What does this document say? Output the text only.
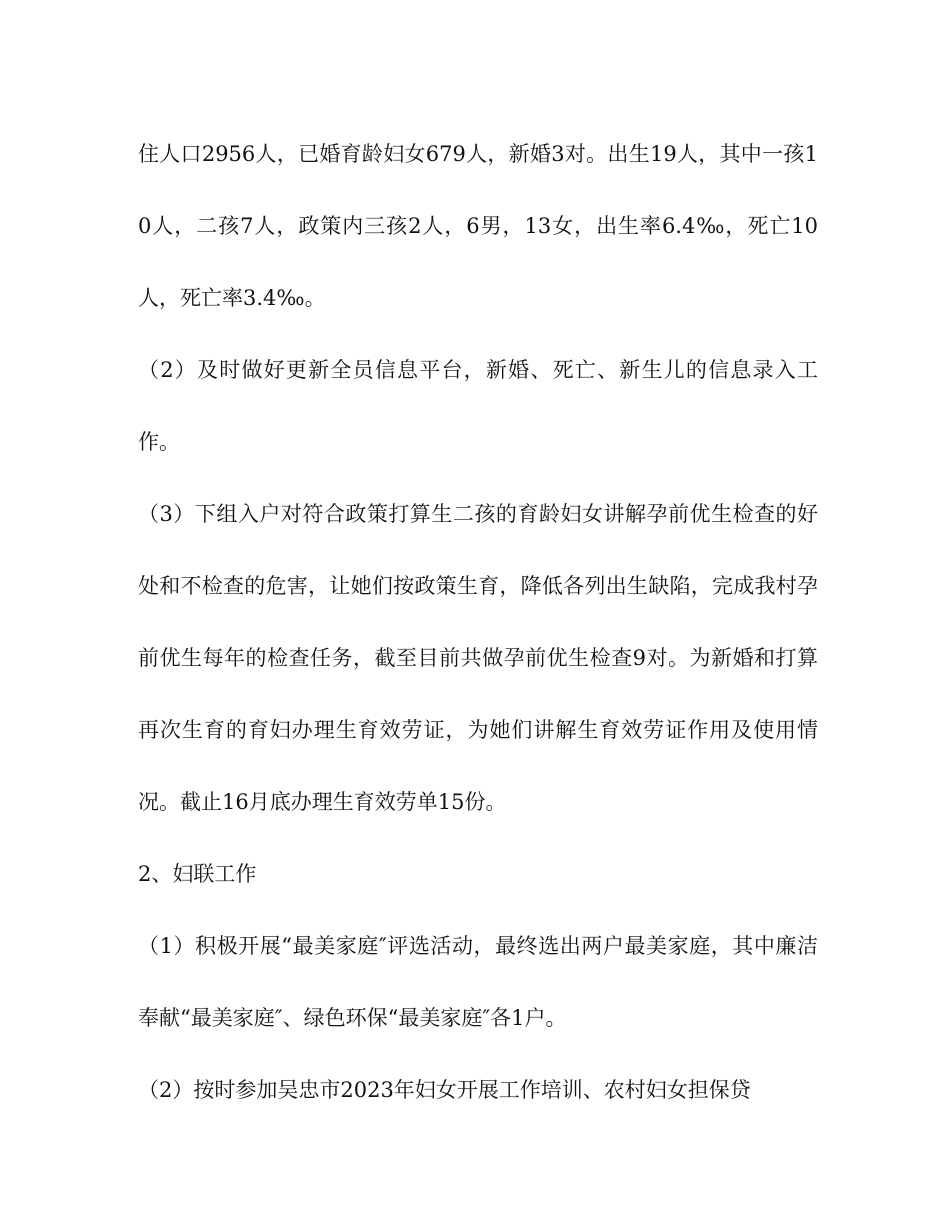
住人口2956人，已婚育龄妇女679人，新婚3对。出生19人，其中一孩10人，二孩7人，政策内三孩2人，6男，13女，出生率6.4‰，死亡10人，死亡率3.4‰。

（2）及时做好更新全员信息平台，新婚、死亡、新生儿的信息录入工作。

（3）下组入户对符合政策打算生二孩的育龄妇女讲解孕前优生检查的好处和不检查的危害，让她们按政策生育，降低各列出生缺陷，完成我村孕前优生每年的检查任务，截至目前共做孕前优生检查9对。为新婚和打算再次生育的育妇办理生育效劳证，为她们讲解生育效劳证作用及使用情况。截止16月底办理生育效劳单15份。

2、妇联工作

（1）积极开展“最美家庭″评选活动，最终选出两户最美家庭，其中廉洁奉献“最美家庭″、绿色环保“最美家庭″各1户。

（2）按时参加吴忠市2023年妇女开展工作培训、农村妇女担保贷
